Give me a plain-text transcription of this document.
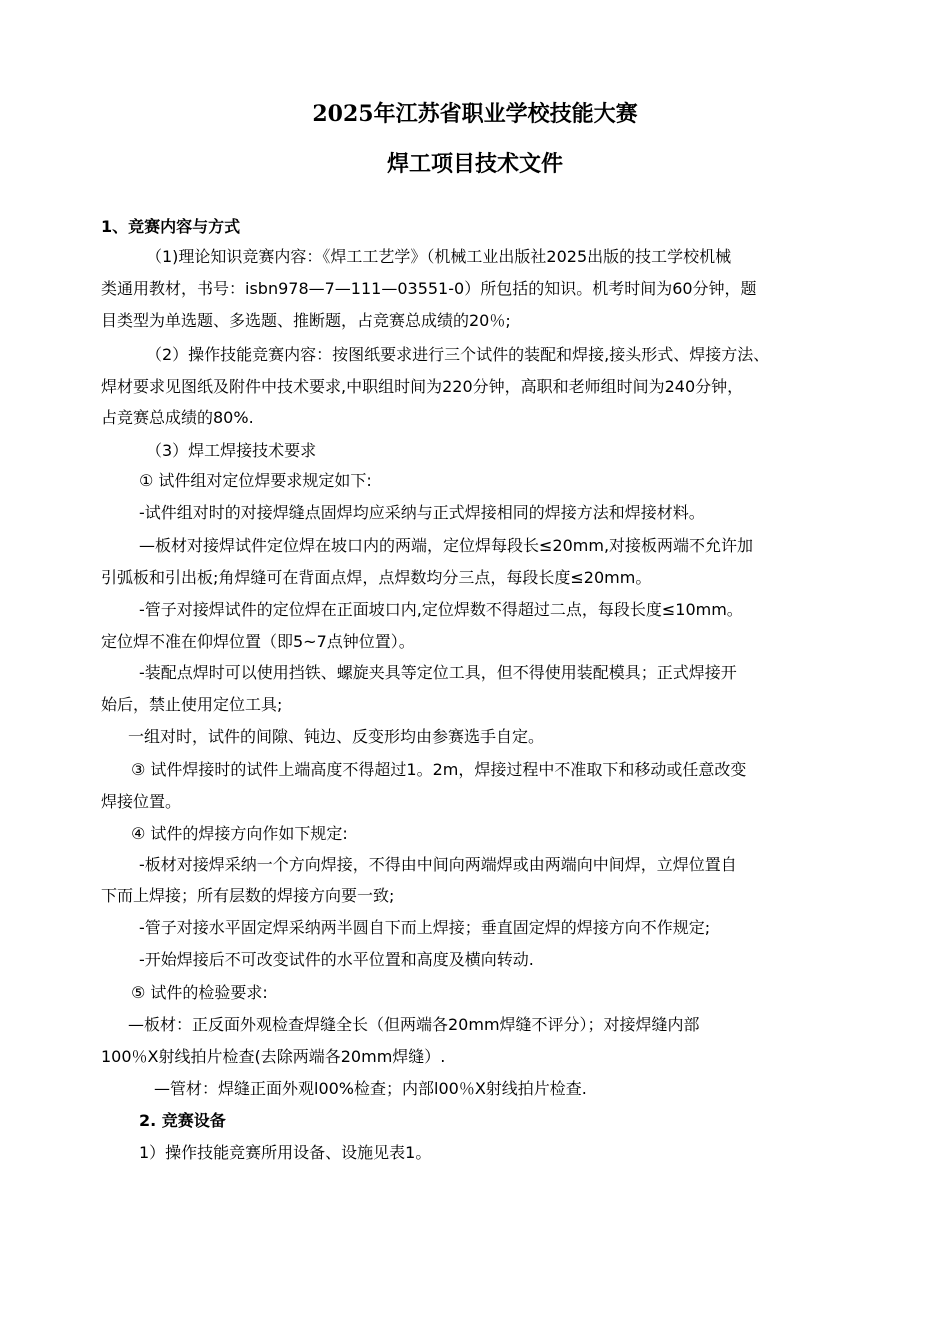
2025年江苏省职业学校技能大赛
焊工项目技术文件
1、竞赛内容与方式
（1)理论知识竞赛内容：《焊工工艺学》（机械工业出版社2025出版的技工学校机械
类通用教材，书号：isbn978—7—111—03551-0）所包括的知识。机考时间为60分钟，题
目类型为单选题、多选题、推断题，占竞赛总成绩的20％;
（2）操作技能竞赛内容：按图纸要求进行三个试件的装配和焊接,接头形式、焊接方法、
焊材要求见图纸及附件中技术要求,中职组时间为220分钟，高职和老师组时间为240分钟，
占竞赛总成绩的80%.
（3）焊工焊接技术要求
① 试件组对定位焊要求规定如下:
-试件组对时的对接焊缝点固焊均应采纳与正式焊接相同的焊接方法和焊接材料。
—板材对接焊试件定位焊在坡口内的两端，定位焊每段长≤20mm,对接板两端不允许加
引弧板和引出板;角焊缝可在背面点焊，点焊数均分三点，每段长度≤20mm。
-管子对接焊试件的定位焊在正面坡口内,定位焊数不得超过二点，每段长度≤10mm。
定位焊不准在仰焊位置（即5~7点钟位置）。
-装配点焊时可以使用挡铁、螺旋夹具等定位工具，但不得使用装配模具；正式焊接开
始后，禁止使用定位工具;
一组对时，试件的间隙、钝边、反变形均由参赛选手自定。
③ 试件焊接时的试件上端高度不得超过1。2m，焊接过程中不准取下和移动或任意改变
焊接位置。
④ 试件的焊接方向作如下规定:
-板材对接焊采纳一个方向焊接，不得由中间向两端焊或由两端向中间焊，立焊位置自
下而上焊接；所有层数的焊接方向要一致;
-管子对接水平固定焊采纳两半圆自下而上焊接；垂直固定焊的焊接方向不作规定;
-开始焊接后不可改变试件的水平位置和高度及横向转动.
⑤ 试件的检验要求:
—板材：正反面外观检查焊缝全长（但两端各20mm焊缝不评分）；对接焊缝内部
100％X射线拍片检查(去除两端各20mm焊缝）.
—管材：焊缝正面外观l00%检查；内部l00％X射线拍片检查.
2. 竞赛设备
1）操作技能竞赛所用设备、设施见表1。
